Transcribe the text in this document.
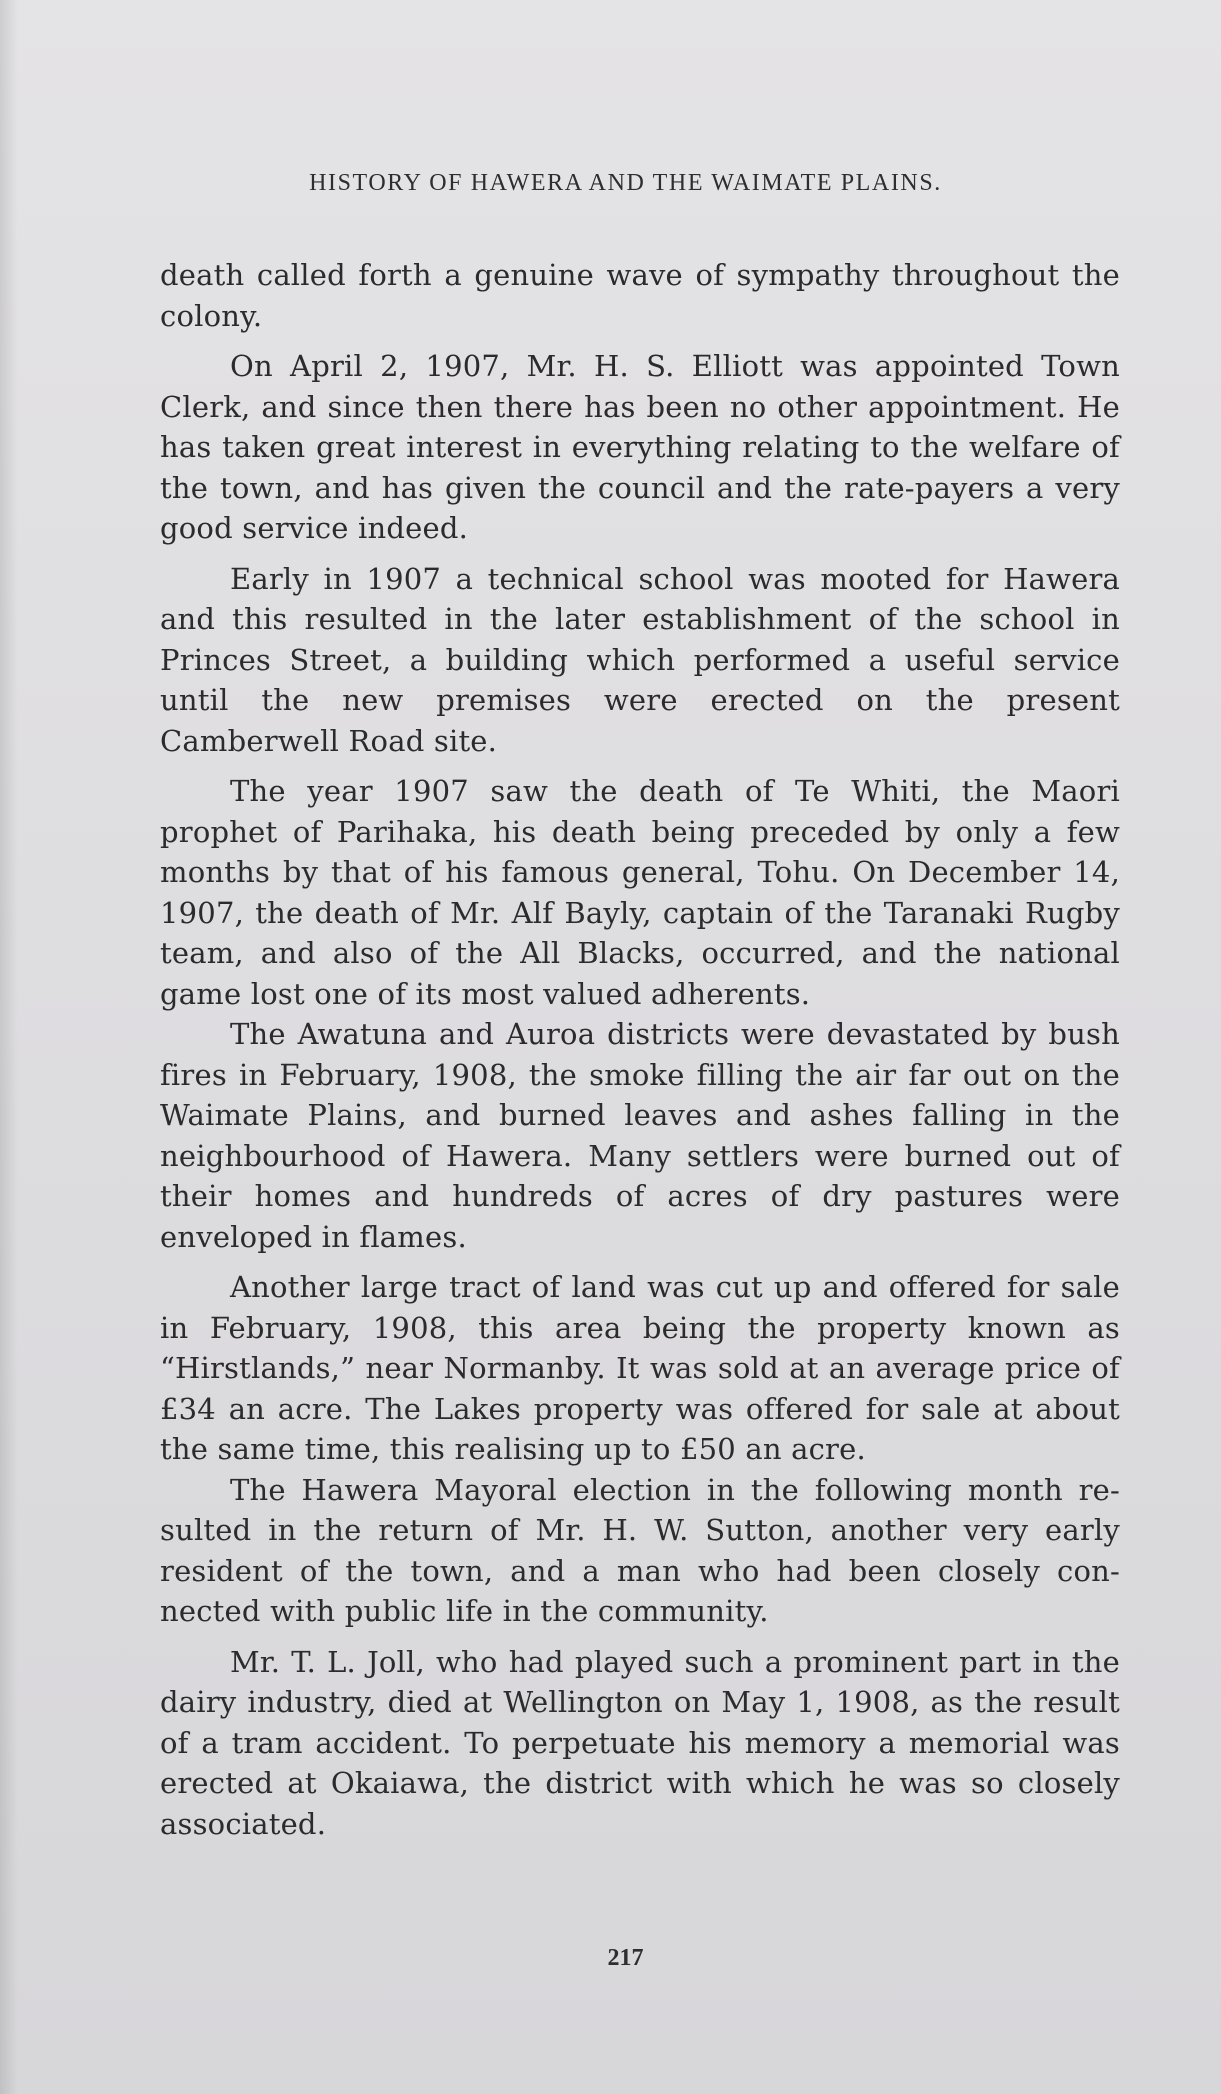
HISTORY OF HAWERA AND THE WAIMATE PLAINS.

death called forth a genuine wave of sympathy throughout the colony.

On April 2, 1907, Mr. H. S. Elliott was appointed Town Clerk, and since then there has been no other appointment. He has taken great interest in everything relating to the welfare of the town, and has given the council and the rate-payers a very good service indeed.

Early in 1907 a technical school was mooted for Hawera and this resulted in the later establishment of the school in Princes Street, a building which performed a useful service until the new premises were erected on the present Camberwell Road site.

The year 1907 saw the death of Te Whiti, the Maori prophet of Parihaka, his death being preceded by only a few months by that of his famous general, Tohu. On December 14, 1907, the death of Mr. Alf Bayly, captain of the Taranaki Rugby team, and also of the All Blacks, occurred, and the national game lost one of its most valued adherents.

The Awatuna and Auroa districts were devastated by bush fires in February, 1908, the smoke filling the air far out on the Waimate Plains, and burned leaves and ashes falling in the neighbourhood of Hawera. Many settlers were burned out of their homes and hundreds of acres of dry pastures were enveloped in flames.

Another large tract of land was cut up and offered for sale in February, 1908, this area being the property known as “Hirstlands,” near Normanby. It was sold at an average price of £34 an acre. The Lakes property was offered for sale at about the same time, this realising up to £50 an acre.

The Hawera Mayoral election in the following month re-sulted in the return of Mr. H. W. Sutton, another very early resident of the town, and a man who had been closely con-nected with public life in the community.

Mr. T. L. Joll, who had played such a prominent part in the dairy industry, died at Wellington on May 1, 1908, as the result of a tram accident. To perpetuate his memory a memorial was erected at Okaiawa, the district with which he was so closely associated.

217
